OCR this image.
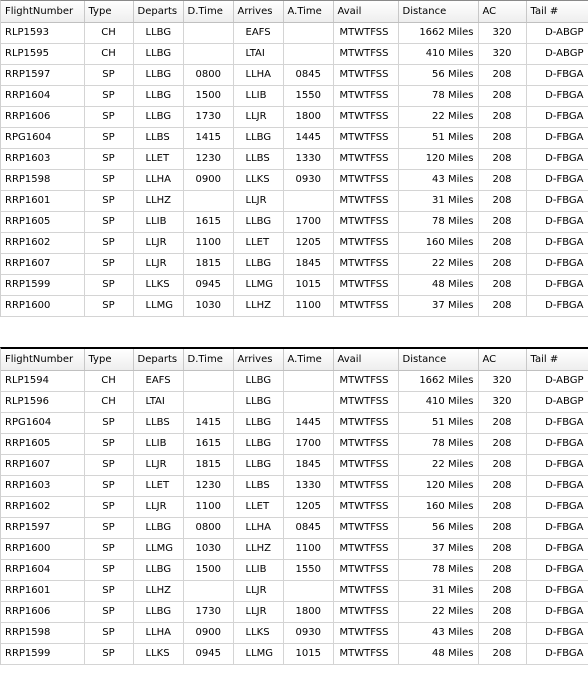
FlightNumber	Type	Departs	D.Time	Arrives	A.Time	Avail	Distance	AC	Tail #
RLP1593	CH	LLBG		EAFS		MTWTFSS	1662 Miles	320	D-ABGP
RLP1595	CH	LLBG		LTAI		MTWTFSS	410 Miles	320	D-ABGP
RRP1597	SP	LLBG	0800	LLHA	0845	MTWTFSS	56 Miles	208	D-FBGA
RRP1604	SP	LLBG	1500	LLIB	1550	MTWTFSS	78 Miles	208	D-FBGA
RRP1606	SP	LLBG	1730	LLJR	1800	MTWTFSS	22 Miles	208	D-FBGA
RPG1604	SP	LLBS	1415	LLBG	1445	MTWTFSS	51 Miles	208	D-FBGA
RRP1603	SP	LLET	1230	LLBS	1330	MTWTFSS	120 Miles	208	D-FBGA
RRP1598	SP	LLHA	0900	LLKS	0930	MTWTFSS	43 Miles	208	D-FBGA
RRP1601	SP	LLHZ		LLJR		MTWTFSS	31 Miles	208	D-FBGA
RRP1605	SP	LLIB	1615	LLBG	1700	MTWTFSS	78 Miles	208	D-FBGA
RRP1602	SP	LLJR	1100	LLET	1205	MTWTFSS	160 Miles	208	D-FBGA
RRP1607	SP	LLJR	1815	LLBG	1845	MTWTFSS	22 Miles	208	D-FBGA
RRP1599	SP	LLKS	0945	LLMG	1015	MTWTFSS	48 Miles	208	D-FBGA
RRP1600	SP	LLMG	1030	LLHZ	1100	MTWTFSS	37 Miles	208	D-FBGA
FlightNumber	Type	Departs	D.Time	Arrives	A.Time	Avail	Distance	AC	Tail #
RLP1594	CH	EAFS		LLBG		MTWTFSS	1662 Miles	320	D-ABGP
RLP1596	CH	LTAI		LLBG		MTWTFSS	410 Miles	320	D-ABGP
RPG1604	SP	LLBS	1415	LLBG	1445	MTWTFSS	51 Miles	208	D-FBGA
RRP1605	SP	LLIB	1615	LLBG	1700	MTWTFSS	78 Miles	208	D-FBGA
RRP1607	SP	LLJR	1815	LLBG	1845	MTWTFSS	22 Miles	208	D-FBGA
RRP1603	SP	LLET	1230	LLBS	1330	MTWTFSS	120 Miles	208	D-FBGA
RRP1602	SP	LLJR	1100	LLET	1205	MTWTFSS	160 Miles	208	D-FBGA
RRP1597	SP	LLBG	0800	LLHA	0845	MTWTFSS	56 Miles	208	D-FBGA
RRP1600	SP	LLMG	1030	LLHZ	1100	MTWTFSS	37 Miles	208	D-FBGA
RRP1604	SP	LLBG	1500	LLIB	1550	MTWTFSS	78 Miles	208	D-FBGA
RRP1601	SP	LLHZ		LLJR		MTWTFSS	31 Miles	208	D-FBGA
RRP1606	SP	LLBG	1730	LLJR	1800	MTWTFSS	22 Miles	208	D-FBGA
RRP1598	SP	LLHA	0900	LLKS	0930	MTWTFSS	43 Miles	208	D-FBGA
RRP1599	SP	LLKS	0945	LLMG	1015	MTWTFSS	48 Miles	208	D-FBGA
